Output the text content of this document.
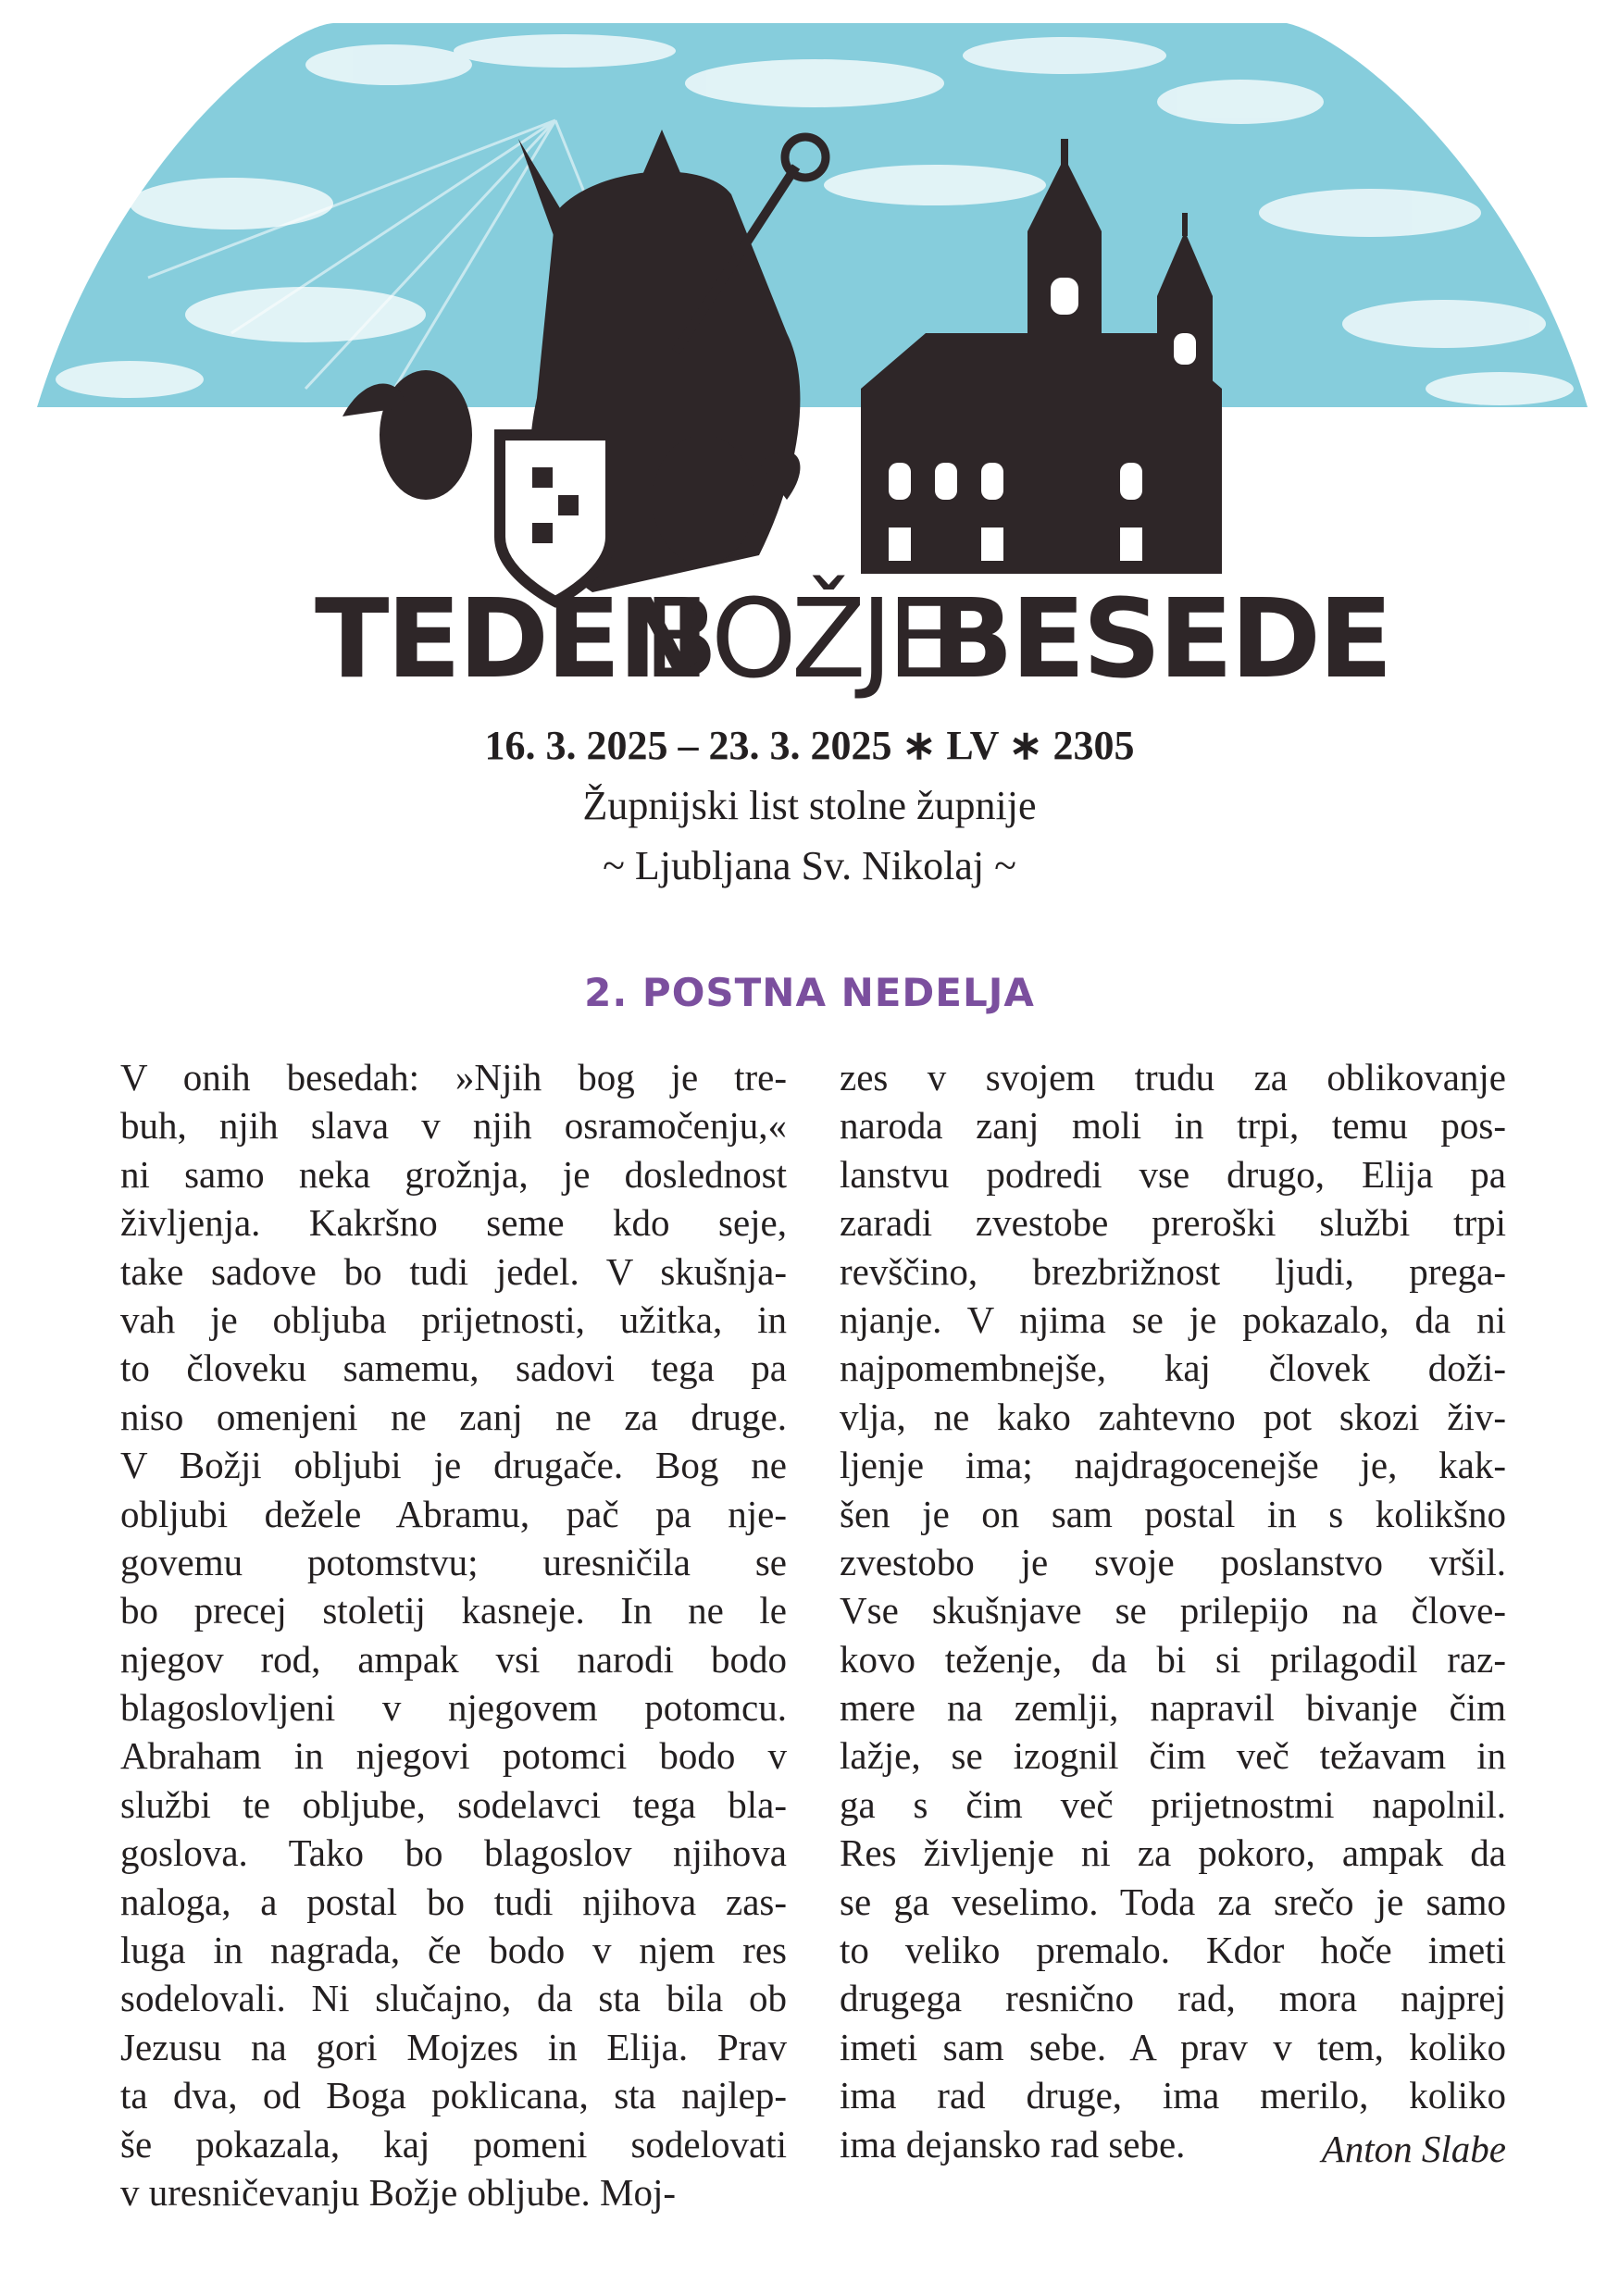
TEDEN
BOŽJE
BESEDE
16. 3. 2025 – 23. 3. 2025 ∗ LV ∗ 2305
Župnijski list stolne župnije
~ Ljubljana Sv. Nikolaj ~
2. POSTNA NEDELJA
V onih besedah: »Njih bog je tre-
buh, njih slava v njih osramočenju,«
ni samo neka grožnja, je doslednost
življenja. Kakršno seme kdo seje,
take sadove bo tudi jedel. V skušnja-
vah je obljuba prijetnosti, užitka, in
to človeku samemu, sadovi tega pa
niso omenjeni ne zanj ne za druge.
V Božji obljubi je drugače. Bog ne
obljubi dežele Abramu, pač pa nje-
govemu potomstvu; uresničila se
bo precej stoletij kasneje. In ne le
njegov rod, ampak vsi narodi bodo
blagoslovljeni v njegovem potomcu.
Abraham in njegovi potomci bodo v
službi te obljube, sodelavci tega bla-
goslova. Tako bo blagoslov njihova
naloga, a postal bo tudi njihova zas-
luga in nagrada, če bodo v njem res
sodelovali. Ni slučajno, da sta bila ob
Jezusu na gori Mojzes in Elija. Prav
ta dva, od Boga poklicana, sta najlep-
še pokazala, kaj pomeni sodelovati
v uresničevanju Božje obljube. Moj-
zes v svojem trudu za oblikovanje
naroda zanj moli in trpi, temu pos-
lanstvu podredi vse drugo, Elija pa
zaradi zvestobe preroški službi trpi
revščino, brezbrižnost ljudi, prega-
njanje. V njima se je pokazalo, da ni
najpomembnejše, kaj človek doži-
vlja, ne kako zahtevno pot skozi živ-
ljenje ima; najdragocenejše je, kak-
šen je on sam postal in s kolikšno
zvestobo je svoje poslanstvo vršil.
Vse skušnjave se prilepijo na člove-
kovo teženje, da bi si prilagodil raz-
mere na zemlji, napravil bivanje čim
lažje, se izognil čim več težavam in
ga s čim več prijetnostmi napolnil.
Res življenje ni za pokoro, ampak da
se ga veselimo. Toda za srečo je samo
to veliko premalo. Kdor hoče imeti
drugega resnično rad, mora najprej
imeti sam sebe. A prav v tem, koliko
ima rad druge, ima merilo, koliko
ima dejansko rad sebe.	Anton Slabe
